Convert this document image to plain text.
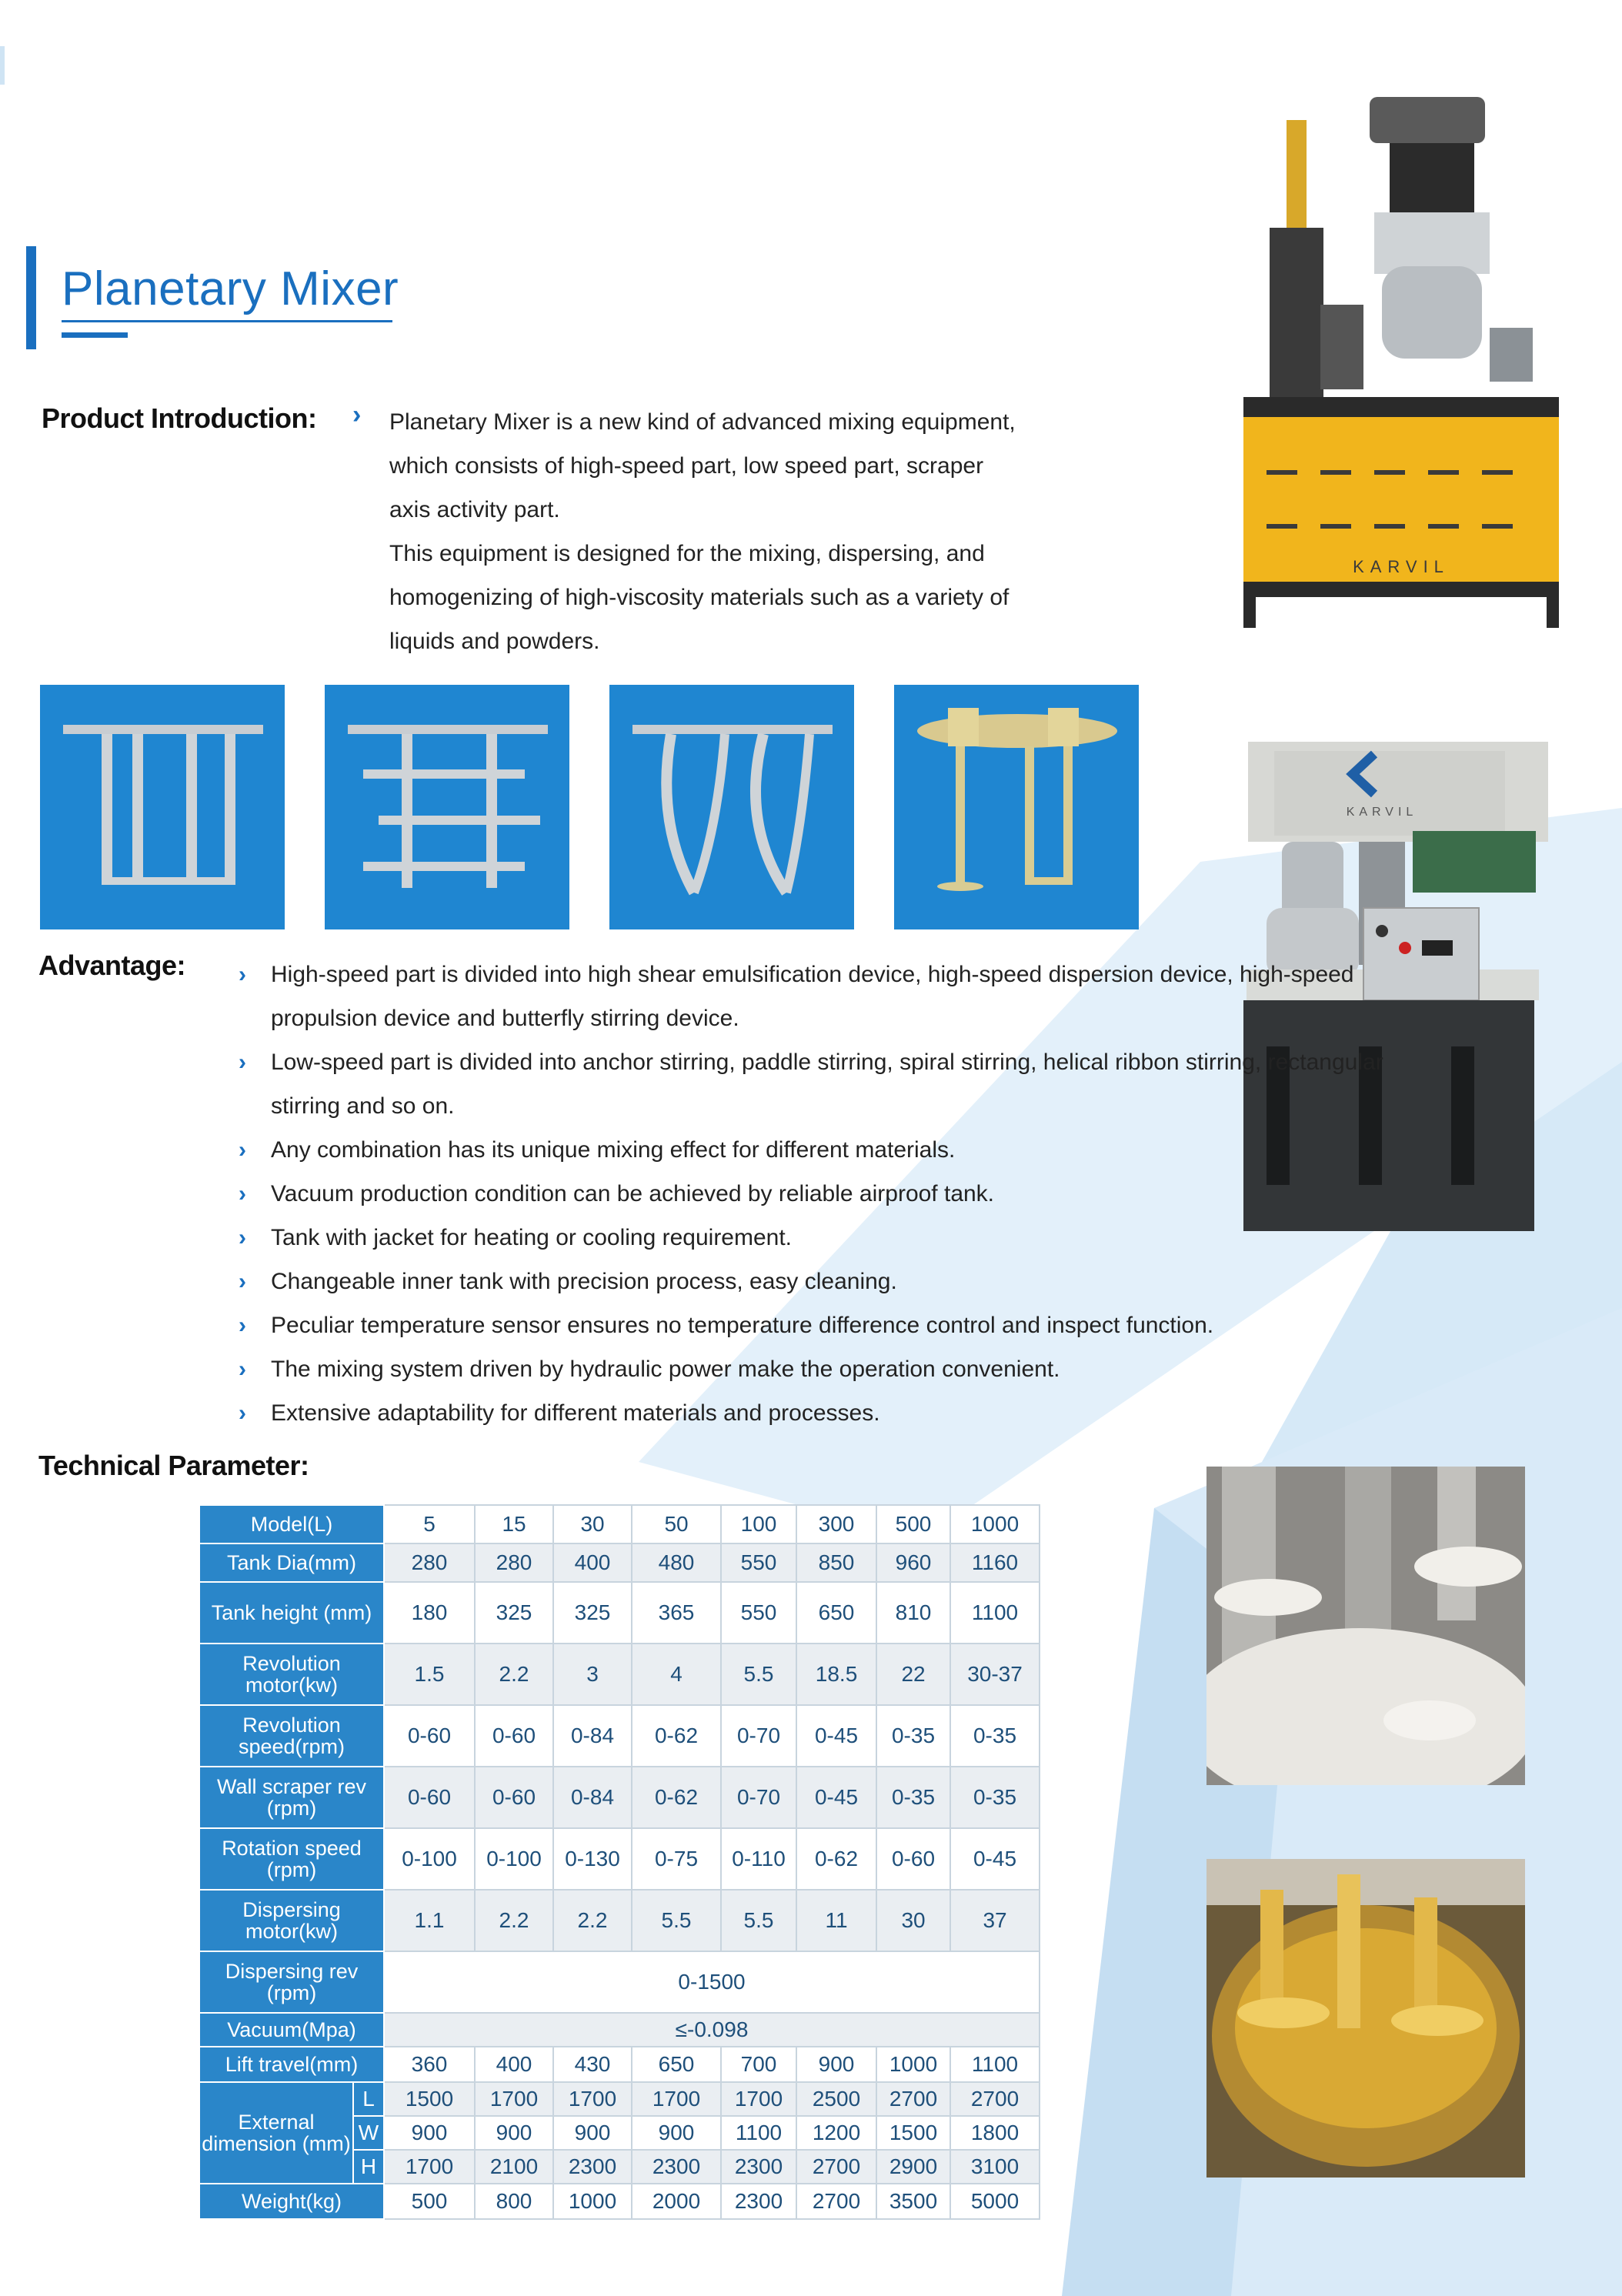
Planetary Mixer
Product Introduction: › Planetary Mixer is a new kind of advanced mixing equipment,

which consists of high-speed part, low speed part, scraper

axis activity part.

This equipment is designed for the mixing, dispersing, and

homogenizing of high-viscosity materials such as a variety of

liquids and powders.

KARVIL
KARVIL
Advantage: › High-speed part is divided into high shear emulsification device, high-speed dispersion device, high-speed propulsion device and butterfly stirring device.
› Low-speed part is divided into anchor stirring, paddle stirring, spiral stirring, helical ribbon stirring, rectangular stirring and so on.
› Any combination has its unique mixing effect for different materials.
› Vacuum production condition can be achieved by reliable airproof tank.
› Tank with jacket for heating or cooling requirement.
› Changeable inner tank with precision process, easy cleaning.
› Peculiar temperature sensor ensures no temperature difference control and inspect function.
› The mixing system driven by hydraulic power make the operation convenient.
› Extensive adaptability for different materials and processes.
Technical Parameter:
Model(L)		5	15	30	50	100	300	500	1000
Tank Dia(mm)		280	280	400	480	550	850	960	1160
Tank height (mm)		180	325	325	365	550	650	810	1100
Revolution motor(kw)		1.5	2.2	3	4	5.5	18.5	22	30-37
Revolution speed(rpm)		0-60	0-60	0-84	0-62	0-70	0-45	0-35	0-35
Wall scraper rev (rpm)		0-60	0-60	0-84	0-62	0-70	0-45	0-35	0-35
Rotation speed (rpm)		0-100	0-100	0-130	0-75	0-110	0-62	0-60	0-45
Dispersing motor(kw)		1.1	2.2	2.2	5.5	5.5	11	30	37
Dispersing rev (rpm)		0-1500							
Vacuum(Mpa)		≤-0.098							
Lift travel(mm)		360	400	430	650	700	900	1000	1100
External dimension (mm)	L	1500	1700	1700	1700	1700	2500	2700	2700
	W	900	900	900	900	1100	1200	1500	1800
	H	1700	2100	2300	2300	2300	2700	2900	3100
Weight(kg)		500	800	1000	2000	2300	2700	3500	5000
